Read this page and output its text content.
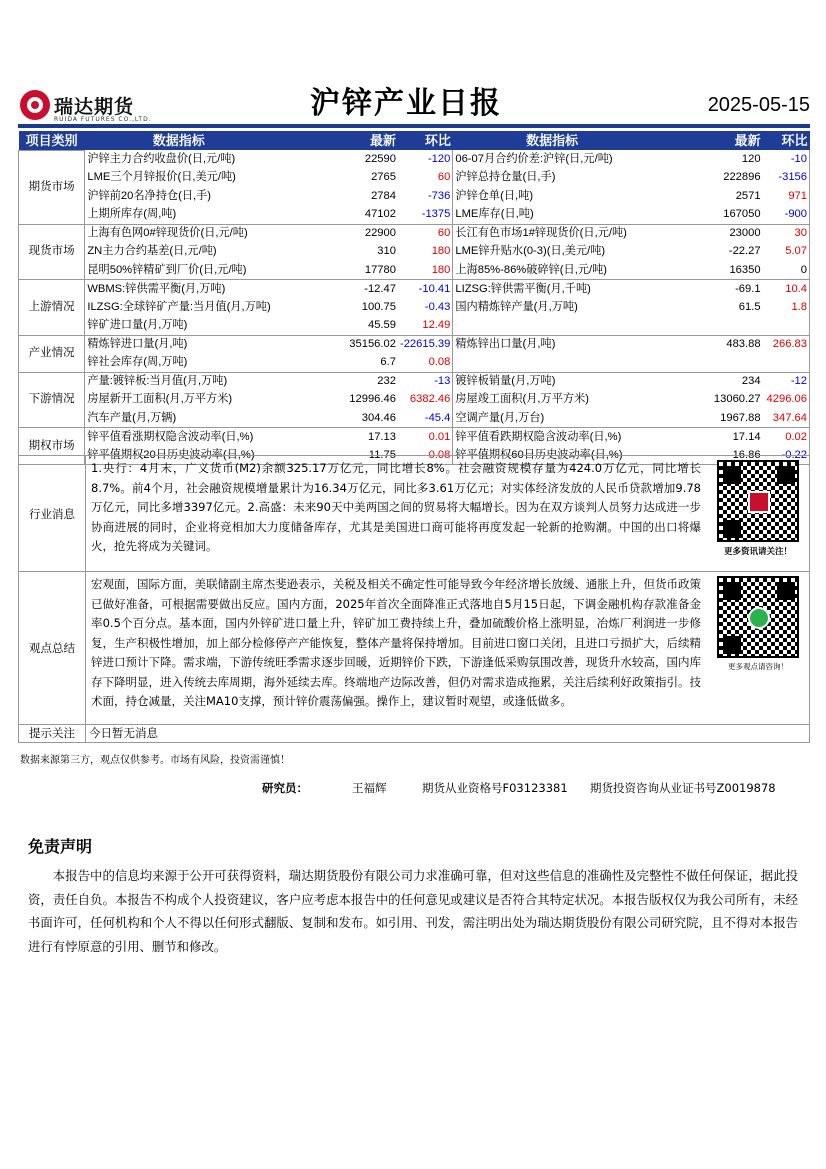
瑞达期货
RUIDA FUTURES CO.,LTD.	沪锌产业日报	2025-05-15
项目类别	数据指标	最新	环比	数据指标	最新	环比
期货市场	沪锌主力合约收盘价(日,元/吨)	22590	-120	06-07月合约价差:沪锌(日,元/吨)	120	-10
	LME三个月锌报价(日,美元/吨)	2765	60	沪锌总持仓量(日,手)	222896	-3156
	沪锌前20名净持仓(日,手)	2784	-736	沪锌仓单(日,吨)	2571	971
	上期所库存(周,吨)	47102	-1375	LME库存(日,吨)	167050	-900
现货市场	上海有色网0#锌现货价(日,元/吨)	22900	60	长江有色市场1#锌现货价(日,元/吨)	23000	30
	ZN主力合约基差(日,元/吨)	310	180	LME锌升贴水(0-3)(日,美元/吨)	-22.27	5.07
	昆明50%锌精矿到厂价(日,元/吨)	17780	180	上海85%-86%破碎锌(日,元/吨)	16350	0
上游情况	WBMS:锌供需平衡(月,万吨)	-12.47	-10.41	LIZSG:锌供需平衡(月,千吨)	-69.1	10.4
	ILZSG:全球锌矿产量:当月值(月,万吨)	100.75	-0.43	国内精炼锌产量(月,万吨)	61.5	1.8
	锌矿进口量(月,万吨)	45.59	12.49			
产业情况	精炼锌进口量(月,吨)	35156.02	-22615.39	精炼锌出口量(月,吨)	483.88	266.83
	锌社会库存(周,万吨)	6.7	0.08			
下游情况	产量:镀锌板:当月值(月,万吨)	232	-13	镀锌板销量(月,万吨)	234	-12
	房屋新开工面积(月,万平方米)	12996.46	6382.46	房屋竣工面积(月,万平方米)	13060.27	4296.06
	汽车产量(月,万辆)	304.46	-45.4	空调产量(月,万台)	1967.88	347.64
期权市场	锌平值看涨期权隐含波动率(日,%)	17.13	0.01	锌平值看跌期权隐含波动率(日,%)	17.14	0.02
	锌平值期权20日历史波动率(日,%)	11.75	0.08	锌平值期权60日历史波动率(日,%)	16.86	-0.22
行业消息
1.央行：4月末，广义货币(M2)余额325.17万亿元，同比增长8%。社会融资规模存量为424.0万亿元，同比增长8.7%。前4个月，社会融资规模增量累计为16.34万亿元，同比多3.61万亿元；对实体经济发放的人民币贷款增加9.78万亿元，同比多增3397亿元。2.高盛：未来90天中美两国之间的贸易将大幅增长。因为在双方谈判人员努力达成进一步协商进展的同时，企业将竞相加大力度储备库存，尤其是美国进口商可能将再度发起一轮新的抢购潮。中国的出口将爆火，抢先将成为关键词。	更多资讯请关注！
观点总结
宏观面，国际方面，美联储副主席杰斐逊表示，关税及相关不确定性可能导致今年经济增长放缓、通胀上升，但货币政策已做好准备，可根据需要做出反应。国内方面，2025年首次全面降准正式落地自5月15日起，下调金融机构存款准备金率0.5个百分点。基本面，国内外锌矿进口量上升，锌矿加工费持续上升，叠加硫酸价格上涨明显，冶炼厂利润进一步修复，生产积极性增加，加上部分检修停产产能恢复，整体产量将保持增加。目前进口窗口关闭，且进口亏损扩大，后续精锌进口预计下降。需求端，下游传统旺季需求逐步回暖，近期锌价下跌，下游逢低采购氛围改善，现货升水较高，国内库存下降明显，进入传统去库周期，海外延续去库。终端地产边际改善，但仍对需求造成拖累，关注后续利好政策指引。技术面，持仓减量，关注MA10支撑，预计锌价震荡偏强。操作上，建议暂时观望，或逢低做多。
更多观点请咨询！
提示关注	今日暂无消息
数据来源第三方，观点仅供参考。市场有风险，投资需谨慎！
研究员：	王福辉	期货从业资格号F03123381 期货投资咨询从业证书号Z0019878
免责声明
本报告中的信息均来源于公开可获得资料，瑞达期货股份有限公司力求准确可靠，但对这些信息的准确性及完整性不做任何保证，据此投资，责任自负。本报告不构成个人投资建议，客户应考虑本报告中的任何意见或建议是否符合其特定状况。本报告版权仅为我公司所有，未经书面许可，任何机构和个人不得以任何形式翻版、复制和发布。如引用、刊发，需注明出处为瑞达期货股份有限公司研究院，且不得对本报告进行有悖原意的引用、删节和修改。
